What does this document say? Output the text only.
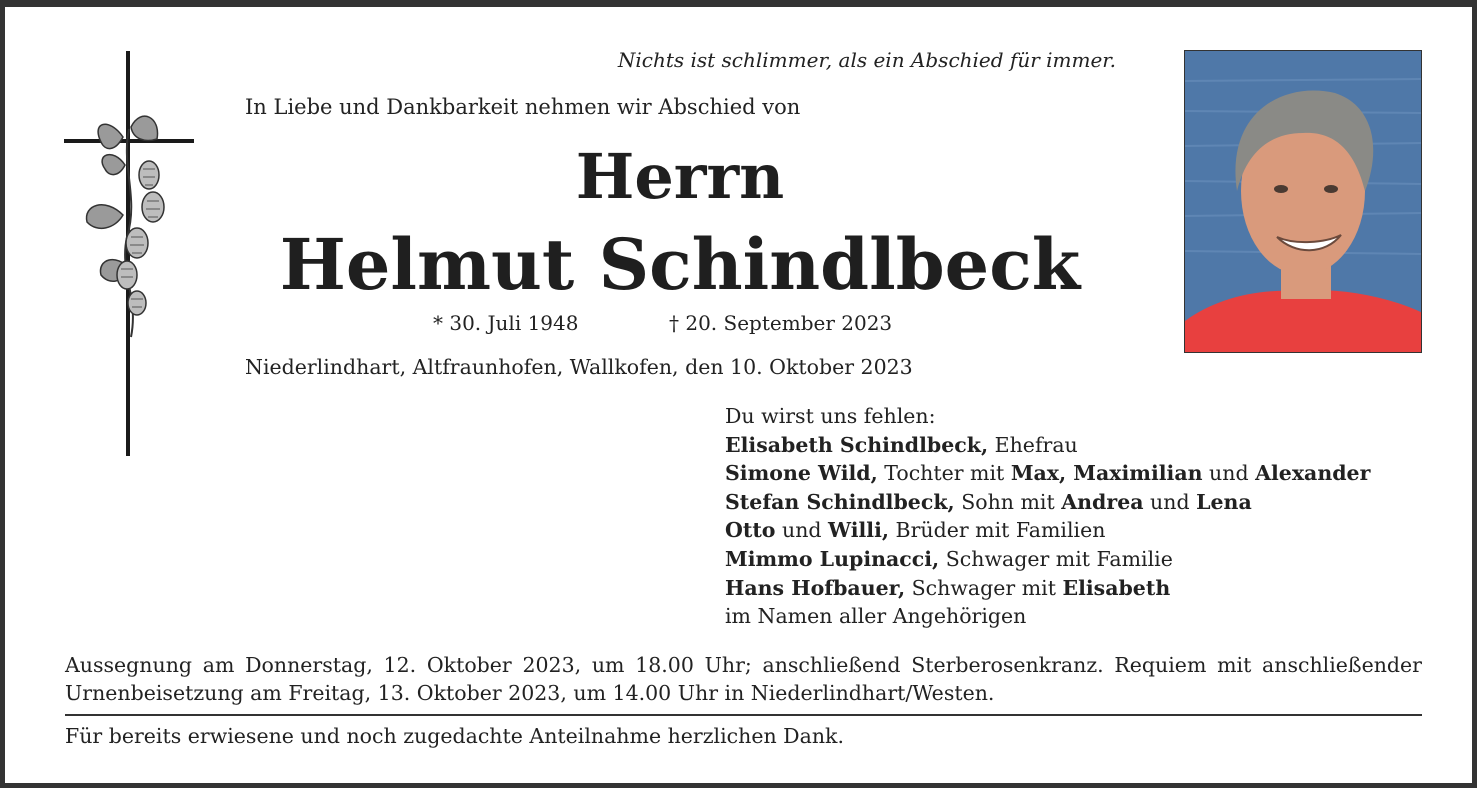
Nichts ist schlimmer, als ein Abschied für immer.
In Liebe und Dankbarkeit nehmen wir Abschied von
Herrn
Helmut Schindlbeck
* 30. Juli 1948	† 20. September 2023
Niederlindhart, Altfraunhofen, Wallkofen, den 10. Oktober 2023
Du wirst uns fehlen:
Elisabeth Schindlbeck, Ehefrau
Simone Wild, Tochter mit Max, Maximilian und Alexander
Stefan Schindlbeck, Sohn mit Andrea und Lena
Otto und Willi, Brüder mit Familien
Mimmo Lupinacci, Schwager mit Familie
Hans Hofbauer, Schwager mit Elisabeth
im Namen aller Angehörigen
Aussegnung am Donnerstag, 12. Oktober 2023, um 18.00 Uhr; anschließend Sterberosenkranz. Requiem mit anschließender Urnenbeisetzung am Freitag, 13. Oktober 2023, um 14.00 Uhr in Niederlindhart/Westen.
Für bereits erwiesene und noch zugedachte Anteilnahme herzlichen Dank.
